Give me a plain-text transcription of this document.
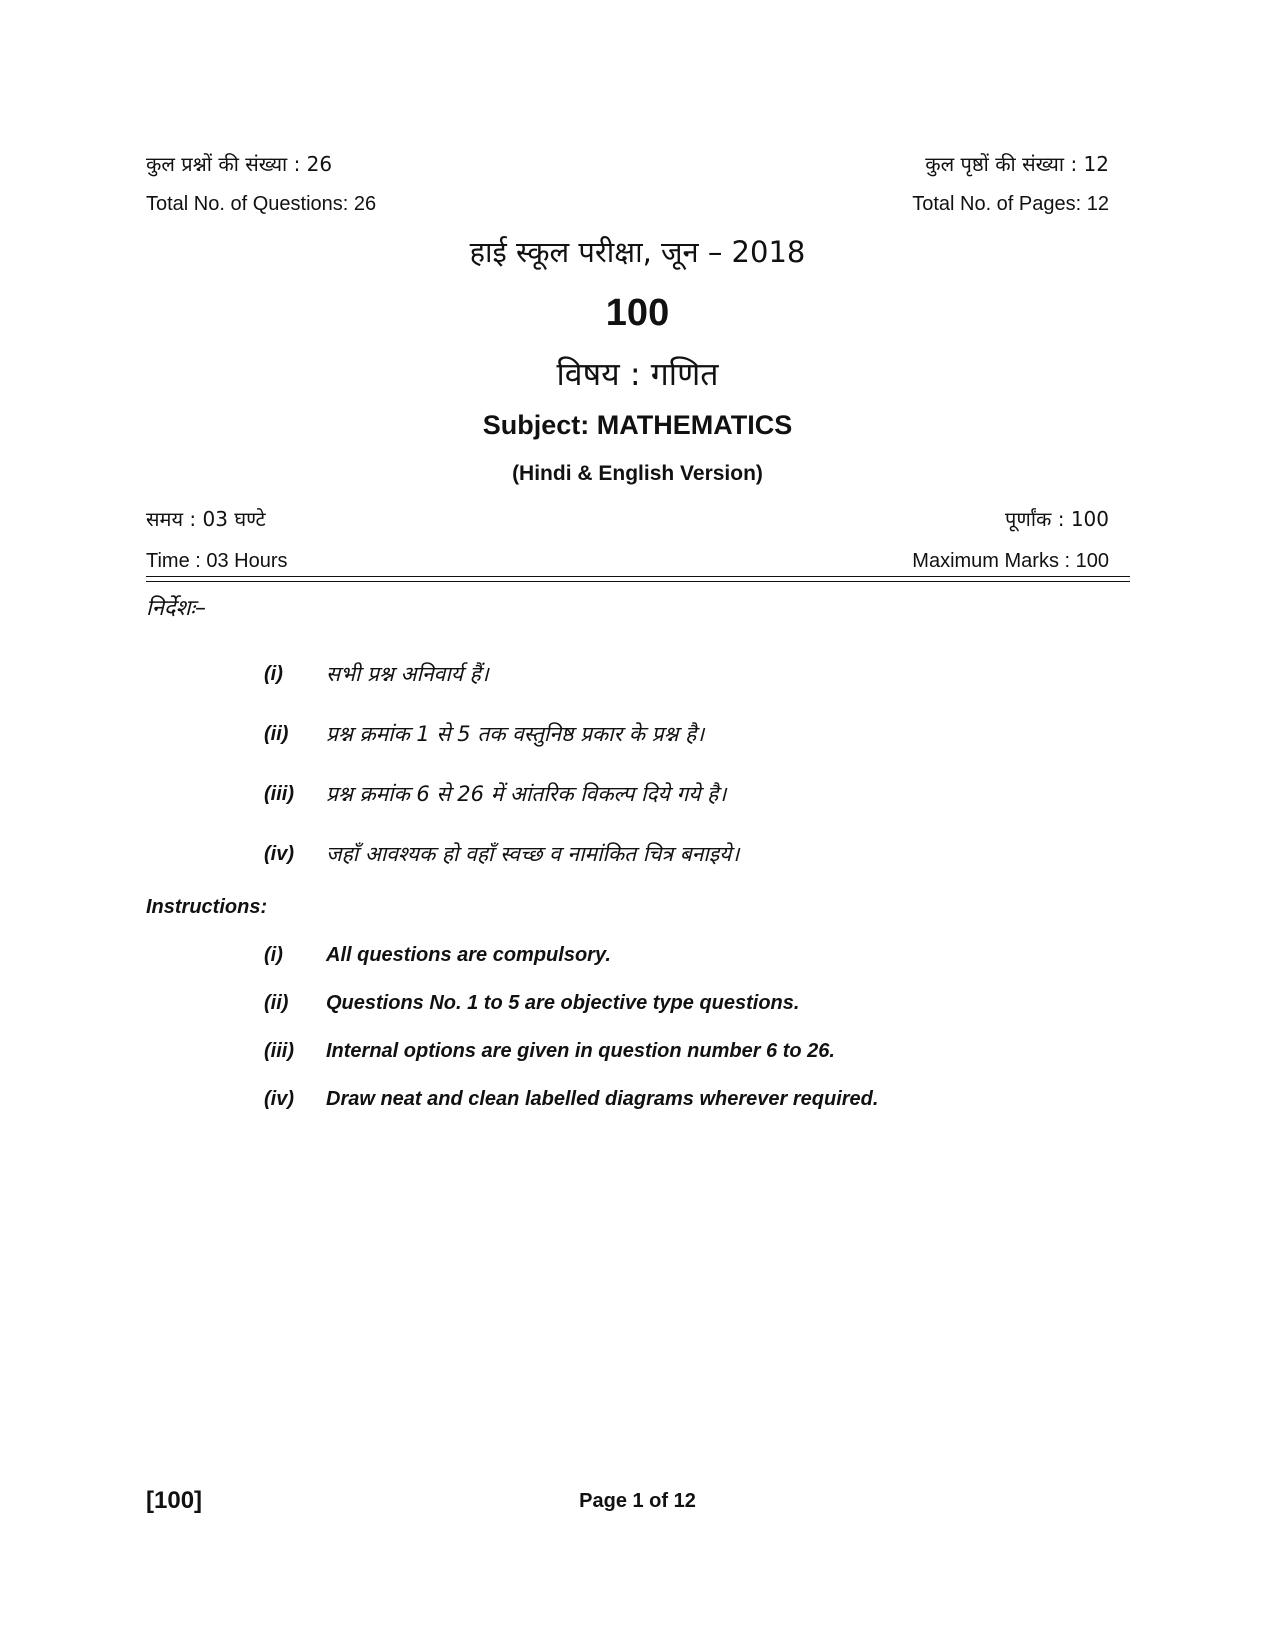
कुल प्रश्नों की संख्या : 26	कुल पृष्ठों की संख्या : 12
Total No. of Questions: 26	Total No. of Pages: 12
हाई स्कूल परीक्षा, जून – 2018
100
विषय : गणित
Subject: MATHEMATICS
(Hindi & English Version)
समय : 03 घण्टे	पूर्णांक : 100
Time : 03 Hours	Maximum Marks : 100
निर्देशः–
(i) सभी प्रश्न अनिवार्य हैं।
(ii) प्रश्न क्रमांक 1 से 5 तक वस्तुनिष्ठ प्रकार के प्रश्न है।
(iii) प्रश्न क्रमांक 6 से 26 में आंतरिक विकल्प दिये गये है।
(iv) जहाँ आवश्यक हो वहाँ स्वच्छ व नामांकित चित्र बनाइये।
Instructions:
(i) All questions are compulsory.
(ii) Questions No. 1 to 5 are objective type questions.
(iii) Internal options are given in question number 6 to 26.
(iv) Draw neat and clean labelled diagrams wherever required.
[100]	Page 1 of 12
